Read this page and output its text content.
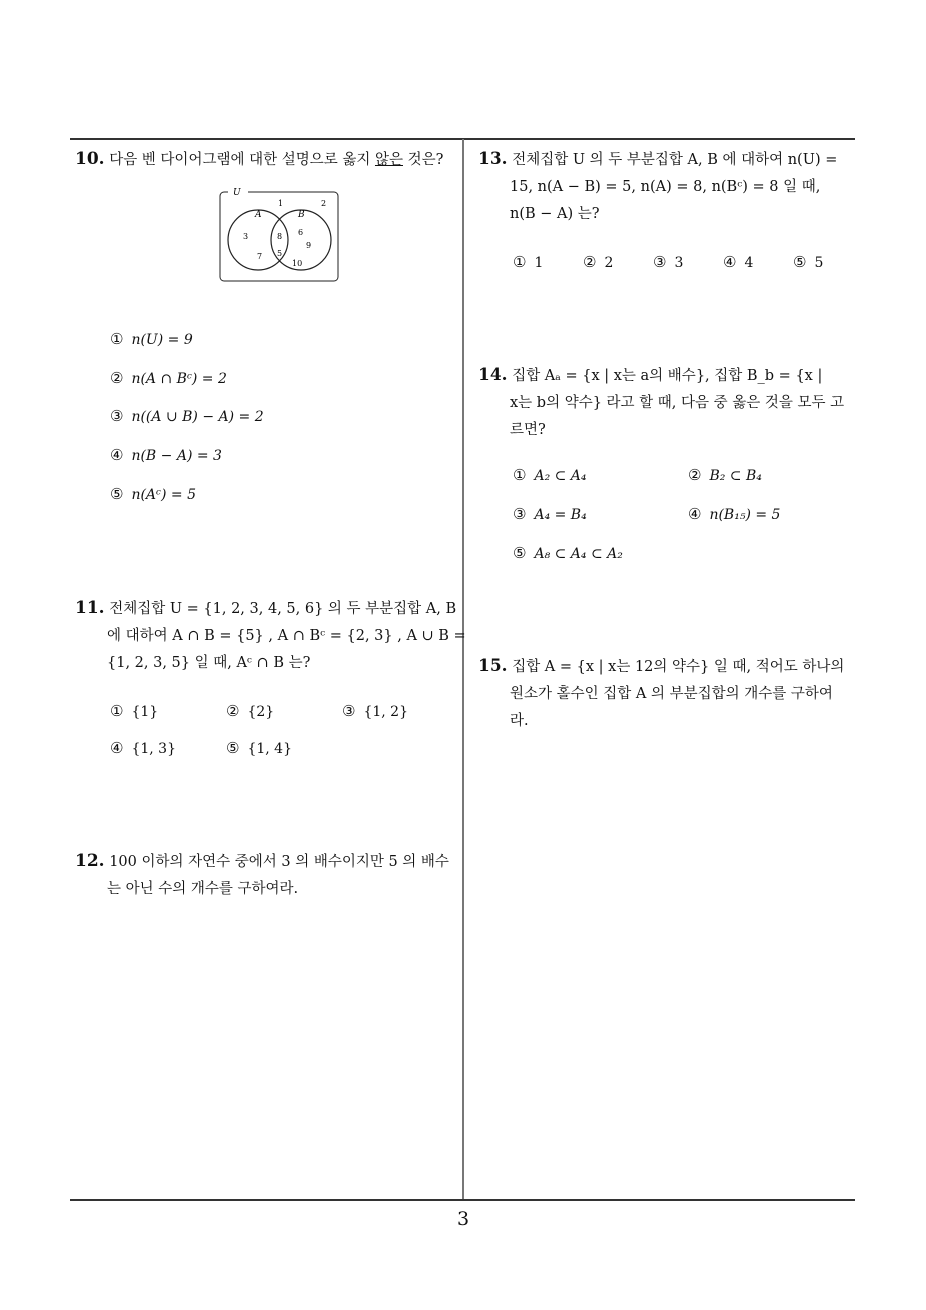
10. 다음 벤 다이어그램에 대한 설명으로 옳지 않은 것은?
U
A	B
1	2
3
7
8
5
6
9
10
① n(U) = 9
② n(A ∩ Bᶜ) = 2
③ n((A ∪ B) − A) = 2
④ n(B − A) = 3
⑤ n(Aᶜ) = 5
11. 전체집합 U = {1, 2, 3, 4, 5, 6} 의 두 부분집합 A, B
에 대하여 A ∩ B = {5} , A ∩ Bᶜ = {2, 3} , A ∪ B =
{1, 2, 3, 5} 일 때, Aᶜ ∩ B 는?
① {1}	② {2}	③ {1, 2}
④ {1, 3}	⑤ {1, 4}
12. 100 이하의 자연수 중에서 3 의 배수이지만 5 의 배수
는 아닌 수의 개수를 구하여라.
13. 전체집합 U 의 두 부분집합 A, B 에 대하여 n(U) =
15, n(A − B) = 5, n(A) = 8, n(Bᶜ) = 8 일 때,
n(B − A) 는?
① 1	② 2	③ 3	④ 4	⑤ 5
14. 집합 Aₐ = {x | x는 a의 배수}, 집합 B_b = {x |
x는 b의 약수} 라고 할 때, 다음 중 옳은 것을 모두 고
르면?
① A₂ ⊂ A₄	② B₂ ⊂ B₄
③ A₄ = B₄	④ n(B₁₅) = 5
⑤ A₈ ⊂ A₄ ⊂ A₂
15. 집합 A = {x | x는 12의 약수} 일 때, 적어도 하나의
원소가 홀수인 집합 A 의 부분집합의 개수를 구하여
라.
3
